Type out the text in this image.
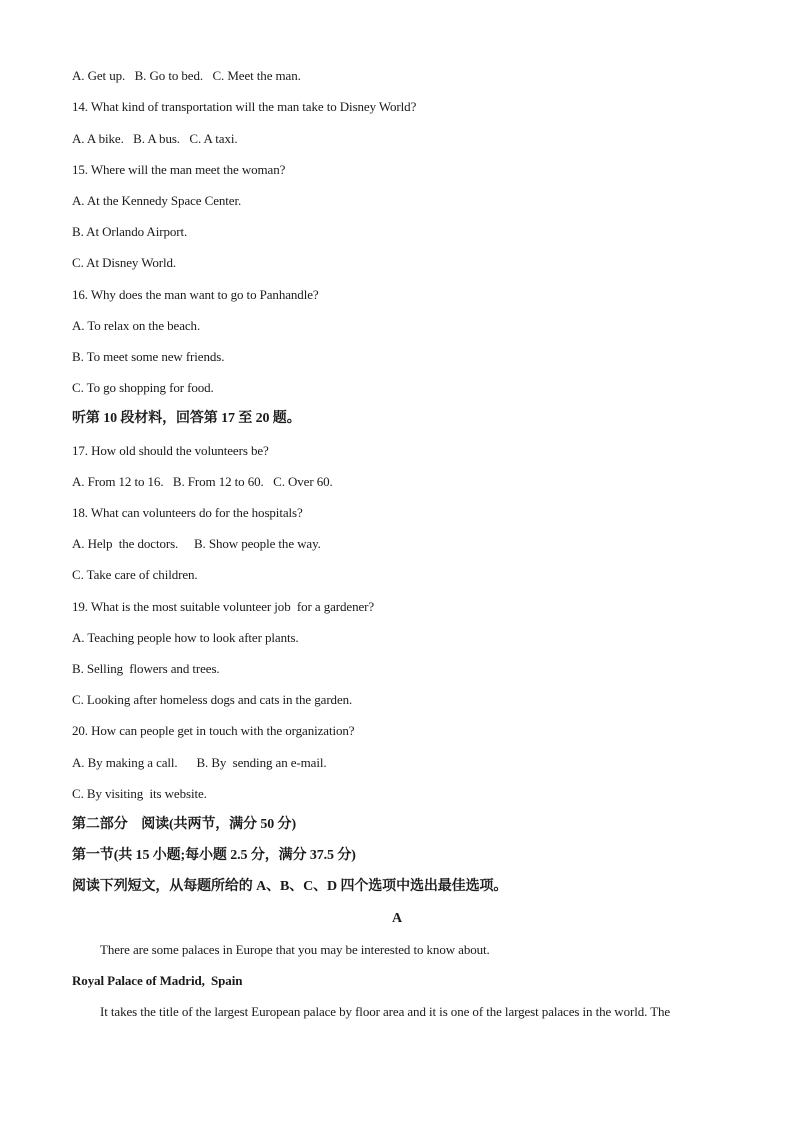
A. Get up.   B. Go to bed.   C. Meet the man.
14. What kind of transportation will the man take to Disney World?
A. A bike.   B. A bus.   C. A taxi.
15. Where will the man meet the woman?
A. At the Kennedy Space Center.
B. At Orlando Airport.
C. At Disney World.
16. Why does the man want to go to Panhandle?
A. To relax on the beach.
B. To meet some new friends.
C. To go shopping for food.
听第 10 段材料，回答第 17 至 20 题。
17. How old should the volunteers be?
A. From 12 to 16.   B. From 12 to 60.   C. Over 60.
18. What can volunteers do for the hospitals?
A. Help  the doctors.     B. Show people the way.
C. Take care of children.
19. What is the most suitable volunteer job  for a gardener?
A. Teaching people how to look after plants.
B. Selling  flowers and trees.
C. Looking after homeless dogs and cats in the garden.
20. How can people get in touch with the organization?
A. By making a call.      B. By  sending an e-mail.
C. By visiting  its website.
第二部分    阅读(共两节，满分 50 分)
第一节(共 15 小题;每小题 2.5 分，满分 37.5 分)
阅读下列短文，从每题所给的 A、B、C、D 四个选项中选出最佳选项。
A
There are some palaces in Europe that you may be interested to know about.
Royal Palace of Madrid,  Spain
It takes the title of the largest European palace by floor area and it is one of the largest palaces in the world. The
